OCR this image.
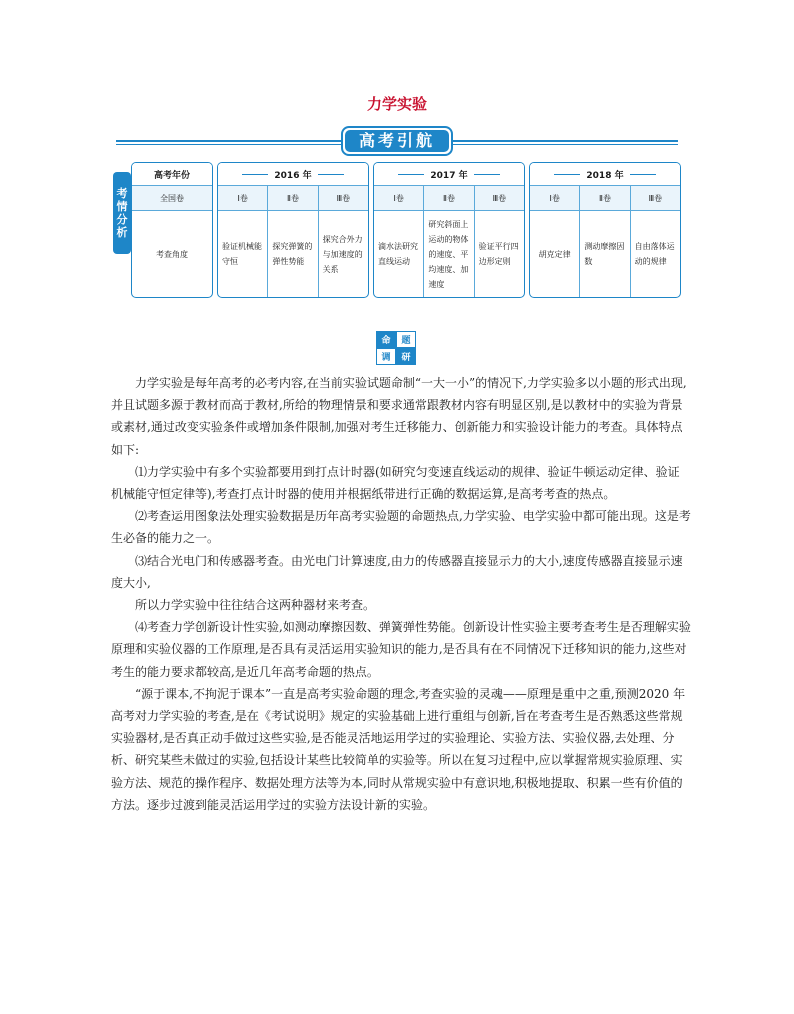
力学实验
高考引航
考
情
分
析
高考年份
全国卷
考查角度
2016 年
Ⅰ卷
验证机械能守恒
Ⅱ卷
探究弹簧的弹性势能
Ⅲ卷
探究合外力与加速度的关系
2017 年
Ⅰ卷
滴水法研究直线运动
Ⅱ卷
研究斜面上运动的物体的速度、平均速度、加速度
Ⅲ卷
验证平行四边形定则
2018 年
Ⅰ卷
胡克定律
Ⅱ卷
测动摩擦因数
Ⅲ卷
自由落体运动的规律
命	题
调	研

力学实验是每年高考的必考内容,在当前实验试题命制“一大一小”的情况下,力学实验多以小题的形式出现,并且试题多源于教材而高于教材,所给的物理情景和要求通常跟教材内容有明显区别,是以教材中的实验为背景或素材,通过改变实验条件或增加条件限制,加强对考生迁移能力、创新能力和实验设计能力的考查。具体特点如下:

⑴力学实验中有多个实验都要用到打点计时器(如研究匀变速直线运动的规律、验证牛顿运动定律、验证机械能守恒定律等),考查打点计时器的使用并根据纸带进行正确的数据运算,是高考考查的热点。

⑵考查运用图象法处理实验数据是历年高考实验题的命题热点,力学实验、电学实验中都可能出现。这是考生必备的能力之一。

⑶结合光电门和传感器考查。由光电门计算速度,由力的传感器直接显示力的大小,速度传感器直接显示速度大小,

所以力学实验中往往结合这两种器材来考查。

⑷考查力学创新设计性实验,如测动摩擦因数、弹簧弹性势能。创新设计性实验主要考查考生是否理解实验原理和实验仪器的工作原理,是否具有灵活运用实验知识的能力,是否具有在不同情况下迁移知识的能力,这些对考生的能力要求都较高,是近几年高考命题的热点。

“源于课本,不拘泥于课本”一直是高考实验命题的理念,考查实验的灵魂——原理是重中之重,预测2020 年高考对力学实验的考查,是在《考试说明》规定的实验基础上进行重组与创新,旨在考查考生是否熟悉这些常规实验器材,是否真正动手做过这些实验,是否能灵活地运用学过的实验理论、实验方法、实验仪器,去处理、分析、研究某些未做过的实验,包括设计某些比较简单的实验等。所以在复习过程中,应以掌握常规实验原理、实验方法、规范的操作程序、数据处理方法等为本,同时从常规实验中有意识地,积极地提取、积累一些有价值的方法。逐步过渡到能灵活运用学过的实验方法设计新的实验。
